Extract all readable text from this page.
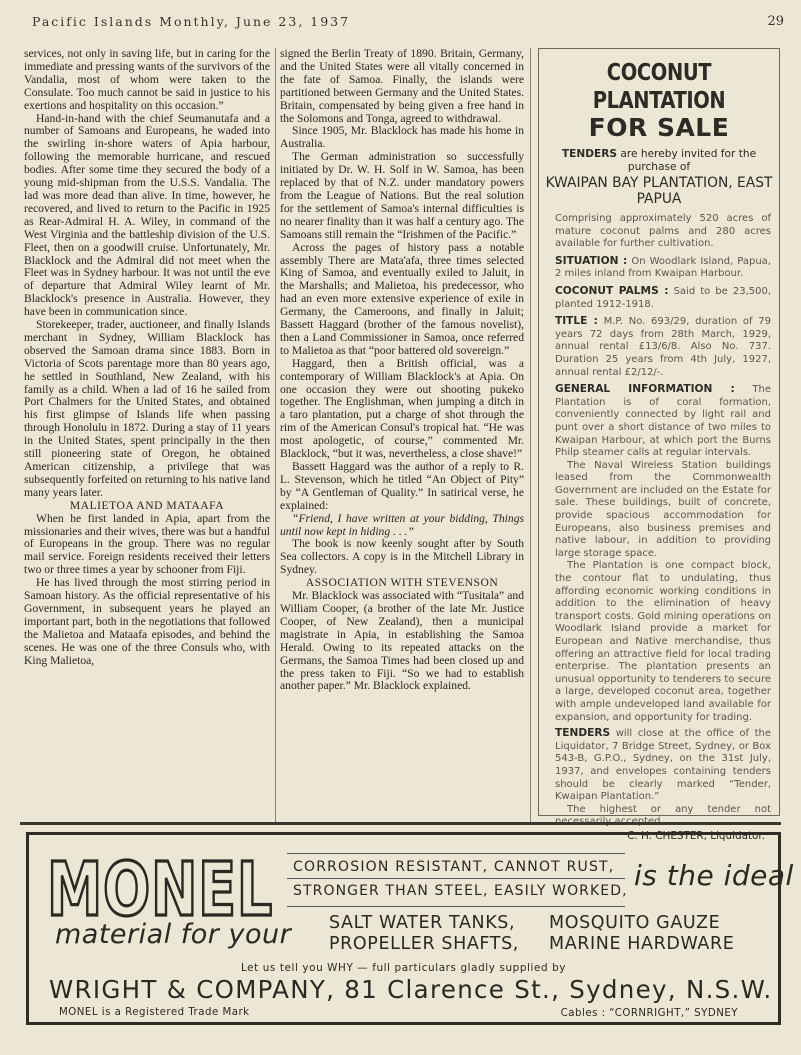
Pacific Islands Monthly, June 23, 1937	29

services, not only in saving life, but in caring for the immediate and pressing wants of the survivors of the Vandalia, most of whom were taken to the Consulate. Too much cannot be said in justice to his exertions and hospitality on this occasion.”

Hand-in-hand with the chief Seumanutafa and a number of Samoans and Europeans, he waded into the swirling in-shore waters of Apia harbour, following the memorable hurricane, and rescued bodies. After some time they secured the body of a young mid-shipman from the U.S.S. Vandalia. The lad was more dead than alive. In time, however, he recovered, and lived to return to the Pacific in 1925 as Rear-Admiral H. A. Wiley, in command of the West Virginia and the battleship division of the U.S. Fleet, then on a goodwill cruise. Unfortunately, Mr. Blacklock and the Admiral did not meet when the Fleet was in Sydney harbour. It was not until the eve of departure that Admiral Wiley learnt of Mr. Blacklock's presence in Australia. However, they have been in communication since.

Storekeeper, trader, auctioneer, and finally Islands merchant in Sydney, William Blacklock has observed the Samoan drama since 1883. Born in Victoria of Scots parentage more than 80 years ago, he settled in Southland, New Zealand, with his family as a child. When a lad of 16 he sailed from Port Chalmers for the United States, and obtained his first glimpse of Islands life when passing through Honolulu in 1872. During a stay of 11 years in the United States, spent principally in the then still pioneering state of Oregon, he obtained American citizenship, a privilege that was subsequently forfeited on returning to his native land many years later.

MALIETOA AND MATAAFA

When he first landed in Apia, apart from the missionaries and their wives, there was but a handful of Europeans in the group. There was no regular mail service. Foreign residents received their letters two or three times a year by schooner from Fiji.

He has lived through the most stirring period in Samoan history. As the official representative of his Government, in subsequent years he played an important part, both in the negotiations that followed the Malietoa and Mataafa episodes, and behind the scenes. He was one of the three Consuls who, with King Malietoa,

signed the Berlin Treaty of 1890. Britain, Germany, and the United States were all vitally concerned in the fate of Samoa. Finally, the islands were partitioned between Germany and the United States. Britain, compensated by being given a free hand in the Solomons and Tonga, agreed to withdrawal.

Since 1905, Mr. Blacklock has made his home in Australia.

The German administration so successfully initiated by Dr. W. H. Solf in W. Samoa, has been replaced by that of N.Z. under mandatory powers from the League of Nations. But the real solution for the settlement of Samoa's internal difficulties is no nearer finality than it was half a century ago. The Samoans still remain the “Irishmen of the Pacific.”

Across the pages of history pass a notable assembly There are Mata'afa, three times selected King of Samoa, and eventually exiled to Jaluit, in the Marshalls; and Malietoa, his predecessor, who had an even more extensive experience of exile in Germany, the Cameroons, and finally in Jaluit; Bassett Haggard (brother of the famous novelist), then a Land Commissioner in Samoa, once referred to Malietoa as that “poor battered old sovereign.”

Haggard, then a British official, was a contemporary of William Blacklock's at Apia. On one occasion they were out shooting pukeko together. The Englishman, when jumping a ditch in a taro plantation, put a charge of shot through the rim of the American Consul's tropical hat. “He was most apologetic, of course,” commented Mr. Blacklock, “but it was, nevertheless, a close shave!”

Bassett Haggard was the author of a reply to R. L. Stevenson, which he titled “An Object of Pity” by “A Gentleman of Quality.” In satirical verse, he explained:

“Friend, I have written at your bidding, Things until now kept in hiding . . .”

The book is now keenly sought after by South Sea collectors. A copy is in the Mitchell Library in Sydney.

ASSOCIATION WITH STEVENSON

Mr. Blacklock was associated with “Tusitala” and William Cooper, (a brother of the late Mr. Justice Cooper, of New Zealand), then a municipal magistrate in Apia, in establishing the Samoa Herald. Owing to its repeated attacks on the Germans, the Samoa Times had been closed up and the press taken to Fiji. “So we had to establish another paper.” Mr. Blacklock explained.

COCONUT PLANTATION
FOR SALE
TENDERS are hereby invited for the purchase of
KWAIPAN BAY PLANTATION, EAST PAPUA

Comprising approximately 520 acres of mature coconut palms and 280 acres available for further cultivation.

SITUATION : On Woodlark Island, Papua, 2 miles inland from Kwaipan Harbour.

COCONUT PALMS : Said to be 23,500, planted 1912-1918.

TITLE : M.P. No. 693/29, duration of 79 years 72 days from 28th March, 1929, annual rental £13/6/8. Also No. 737. Duration 25 years from 4th July, 1927, annual rental £2/12/-.

GENERAL INFORMATION : The Plantation is of coral formation, conveniently connected by light rail and punt over a short distance of two miles to Kwaipan Harbour, at which port the Burns Philp steamer calls at regular intervals.

The Naval Wireless Station buildings leased from the Commonwealth Government are included on the Estate for sale. These buildings, built of concrete, provide spacious accommodation for Europeans, also business premises and native labour, in addition to providing large storage space.

The Plantation is one compact block, the contour flat to undulating, thus affording economic working conditions in addition to the elimination of heavy transport costs. Gold mining operations on Woodlark Island provide a market for European and Native merchandise, thus offering an attractive field for local trading enterprise. The plantation presents an unusual opportunity to tenderers to secure a large, developed coconut area, together with ample undeveloped land available for expansion, and opportunity for trading.

TENDERS will close at the office of the Liquidator, 7 Bridge Street, Sydney, or Box 543-B, G.P.O., Sydney, on the 31st July, 1937, and envelopes containing tenders should be clearly marked “Tender, Kwaipan Plantation.”

The highest or any tender not

C. H. CHESTER, Liquidator.
MONEL CORROSION RESISTANT, CANNOT RUST,
STRONGER THAN STEEL, EASILY WORKED, is the ideal
material for your SALT WATER TANKS,
PROPELLER SHAFTS,
MOSQUITO GAUZE
MARINE HARDWARE
Let us tell you WHY — full particulars gladly supplied by
WRIGHT & COMPANY, 81 Clarence St., Sydney, N.S.W.
MONEL is a Registered Trade Mark	Cables : “CORNRIGHT,” SYDNEY
